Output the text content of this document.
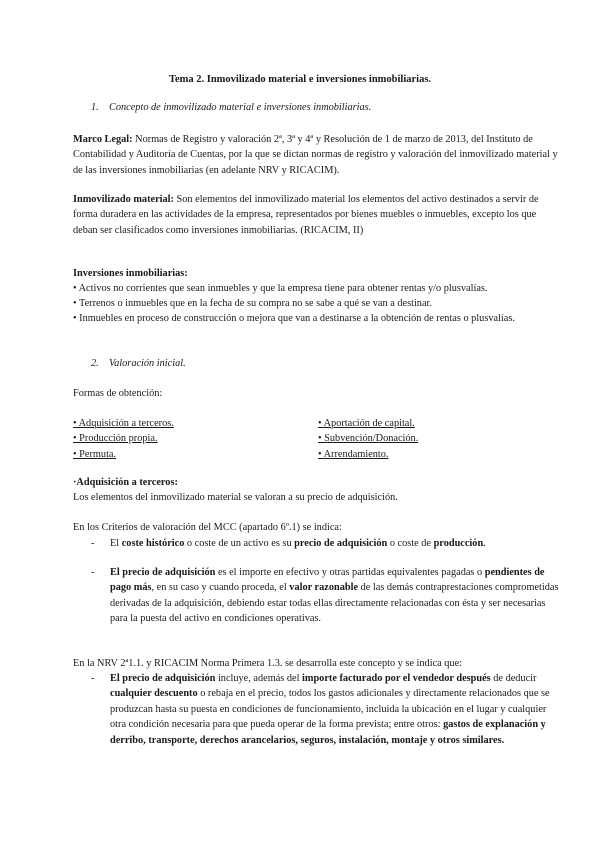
Tema 2. Inmovilizado material e inversiones inmobiliarias.

1. Concepto de inmovilizado material e inversiones inmobiliarias.

Marco Legal: Normas de Registro y valoración 2ª, 3ª y 4ª y Resolución de 1 de marzo de 2013, del Instituto de Contabilidad y Auditoría de Cuentas, por la que se dictan normas de registro y valoración del inmovilizado material y de las inversiones inmobiliarias (en adelante NRV y RICACIM).

Inmovilizado material: Son elementos del inmovilizado material los elementos del activo destinados a servir de forma duradera en las actividades de la empresa, representados por bienes muebles o inmuebles, excepto los que deban ser clasificados como inversiones inmobiliarias. (RICACIM, II)

Inversiones inmobiliarias:

• Activos no corrientes que sean inmuebles y que la empresa tiene para obtener rentas y/o plusvalías.

• Terrenos o inmuebles que en la fecha de su compra no se sabe a qué se van a destinar.

• Inmuebles en proceso de construcción o mejora que van a destinarse a la obtención de rentas o plusvalías.

2. Valoración inicial.

Formas de obtención:

• Adquisición a terceros.	• Aportación de capital.
• Producción propia.	• Subvención/Donación.
• Permuta.	• Arrendamiento.

·Adquisición a terceros:

Los elementos del inmovilizado material se valoran a su precio de adquisición.

En los Criterios de valoración del MCC (apartado 6º.1) se indica:

- El coste histórico o coste de un activo es su precio de adquisición o coste de producción.

- El precio de adquisición es el importe en efectivo y otras partidas equivalentes pagadas o pendientes de pago más, en su caso y cuando proceda, el valor razonable de las demás contraprestaciones comprometidas derivadas de la adquisición, debiendo estar todas ellas directamente relacionadas con ésta y ser necesarias para la puesta del activo en condiciones operativas.

En la NRV 2ª1.1. y RICACIM Norma Primera 1.3. se desarrolla este concepto y se indica que:

- El precio de adquisición incluye, además del importe facturado por el vendedor después de deducir cualquier descuento o rebaja en el precio, todos los gastos adicionales y directamente relacionados que se produzcan hasta su puesta en condiciones de funcionamiento, incluida la ubicación en el lugar y cualquier otra condición necesaria para que pueda operar de la forma prevista; entre otros: gastos de explanación y derribo, transporte, derechos arancelarios, seguros, instalación, montaje y otros similares.
